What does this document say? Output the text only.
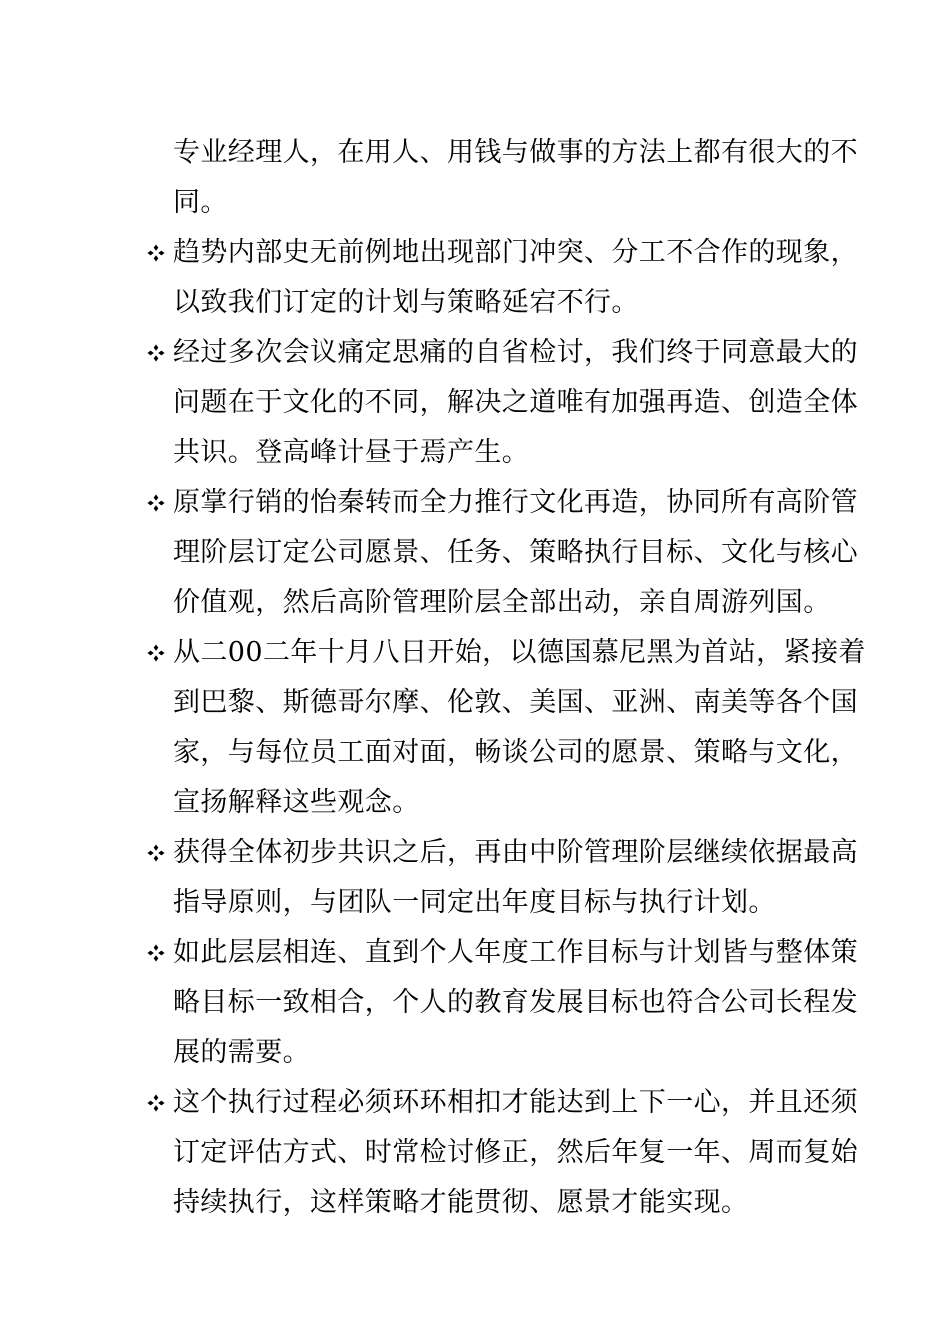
专业经理人，在用人、用钱与做事的方法上都有很大的不
同。
趋势内部史无前例地出现部门冲突、分工不合作的现象，
以致我们订定的计划与策略延宕不行。
经过多次会议痛定思痛的自省检讨，我们终于同意最大的
问题在于文化的不同，解决之道唯有加强再造、创造全体
共识。登高峰计昼于焉产生。
原掌行销的怡秦转而全力推行文化再造，协同所有高阶管
理阶层订定公司愿景、任务、策略执行目标、文化与核心
价值观，然后高阶管理阶层全部出动，亲自周游列国。
从二00二年十月八日开始，以德国慕尼黑为首站，紧接着
到巴黎、斯德哥尔摩、伦敦、美国、亚洲、南美等各个国
家，与每位员工面对面，畅谈公司的愿景、策略与文化，
宣扬解释这些观念。
获得全体初步共识之后，再由中阶管理阶层继续依据最高
指导原则，与团队一同定出年度目标与执行计划。
如此层层相连、直到个人年度工作目标与计划皆与整体策
略目标一致相合，个人的教育发展目标也符合公司长程发
展的需要。
这个执行过程必须环环相扣才能达到上下一心，并且还须
订定评估方式、时常检讨修正，然后年复一年、周而复始
持续执行，这样策略才能贯彻、愿景才能实现。
